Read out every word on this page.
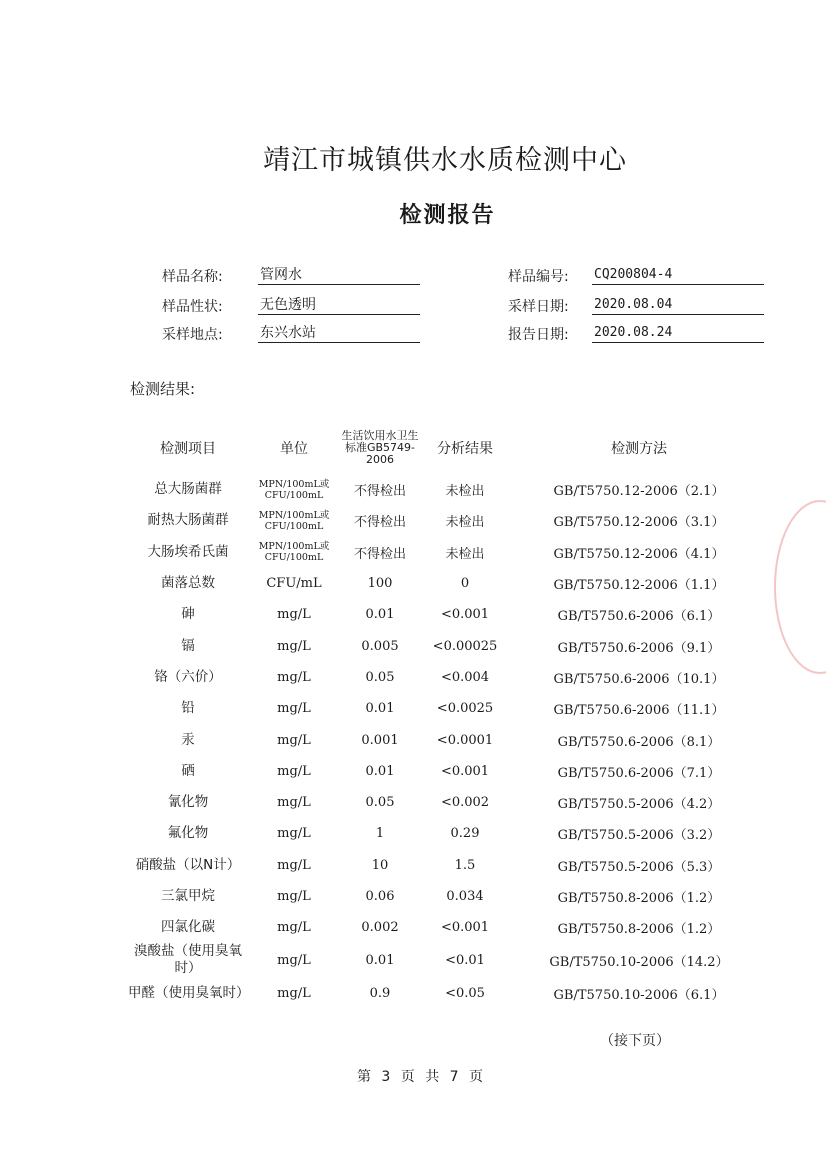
靖江市城镇供水水质检测中心
检测报告
样品名称:	管网水
样品性状:	无色透明
采样地点:	东兴水站
样品编号: CQ200804-4
采样日期: 2020.08.04
报告日期: 2020.08.24
检测结果:
检测项目	单位	生活饮用水卫生标准GB5749-2006	分析结果	检测方法
总大肠菌群	MPN/100mL或CFU/100mL	不得检出	未检出	GB/T5750.12-2006（2.1）
耐热大肠菌群	MPN/100mL或CFU/100mL	不得检出	未检出	GB/T5750.12-2006（3.1）
大肠埃希氏菌	MPN/100mL或CFU/100mL	不得检出	未检出	GB/T5750.12-2006（4.1）
菌落总数	CFU/mL	100	0	GB/T5750.12-2006（1.1）
砷	mg/L	0.01	<0.001	GB/T5750.6-2006（6.1）
镉	mg/L	0.005	<0.00025	GB/T5750.6-2006（9.1）
铬（六价）	mg/L	0.05	<0.004	GB/T5750.6-2006（10.1）
铅	mg/L	0.01	<0.0025	GB/T5750.6-2006（11.1）
汞	mg/L	0.001	<0.0001	GB/T5750.6-2006（8.1）
硒	mg/L	0.01	<0.001	GB/T5750.6-2006（7.1）
氰化物	mg/L	0.05	<0.002	GB/T5750.5-2006（4.2）
氟化物	mg/L	1	0.29	GB/T5750.5-2006（3.2）
硝酸盐（以N计）	mg/L	10	1.5	GB/T5750.5-2006（5.3）
三氯甲烷	mg/L	0.06	0.034	GB/T5750.8-2006（1.2）
四氯化碳	mg/L	0.002	<0.001	GB/T5750.8-2006（1.2）
溴酸盐（使用臭氧时）	mg/L	0.01	<0.01	GB/T5750.10-2006（14.2）
甲醛（使用臭氧时）	mg/L	0.9	<0.05	GB/T5750.10-2006（6.1）
（接下页）
第 3 页 共 7 页
